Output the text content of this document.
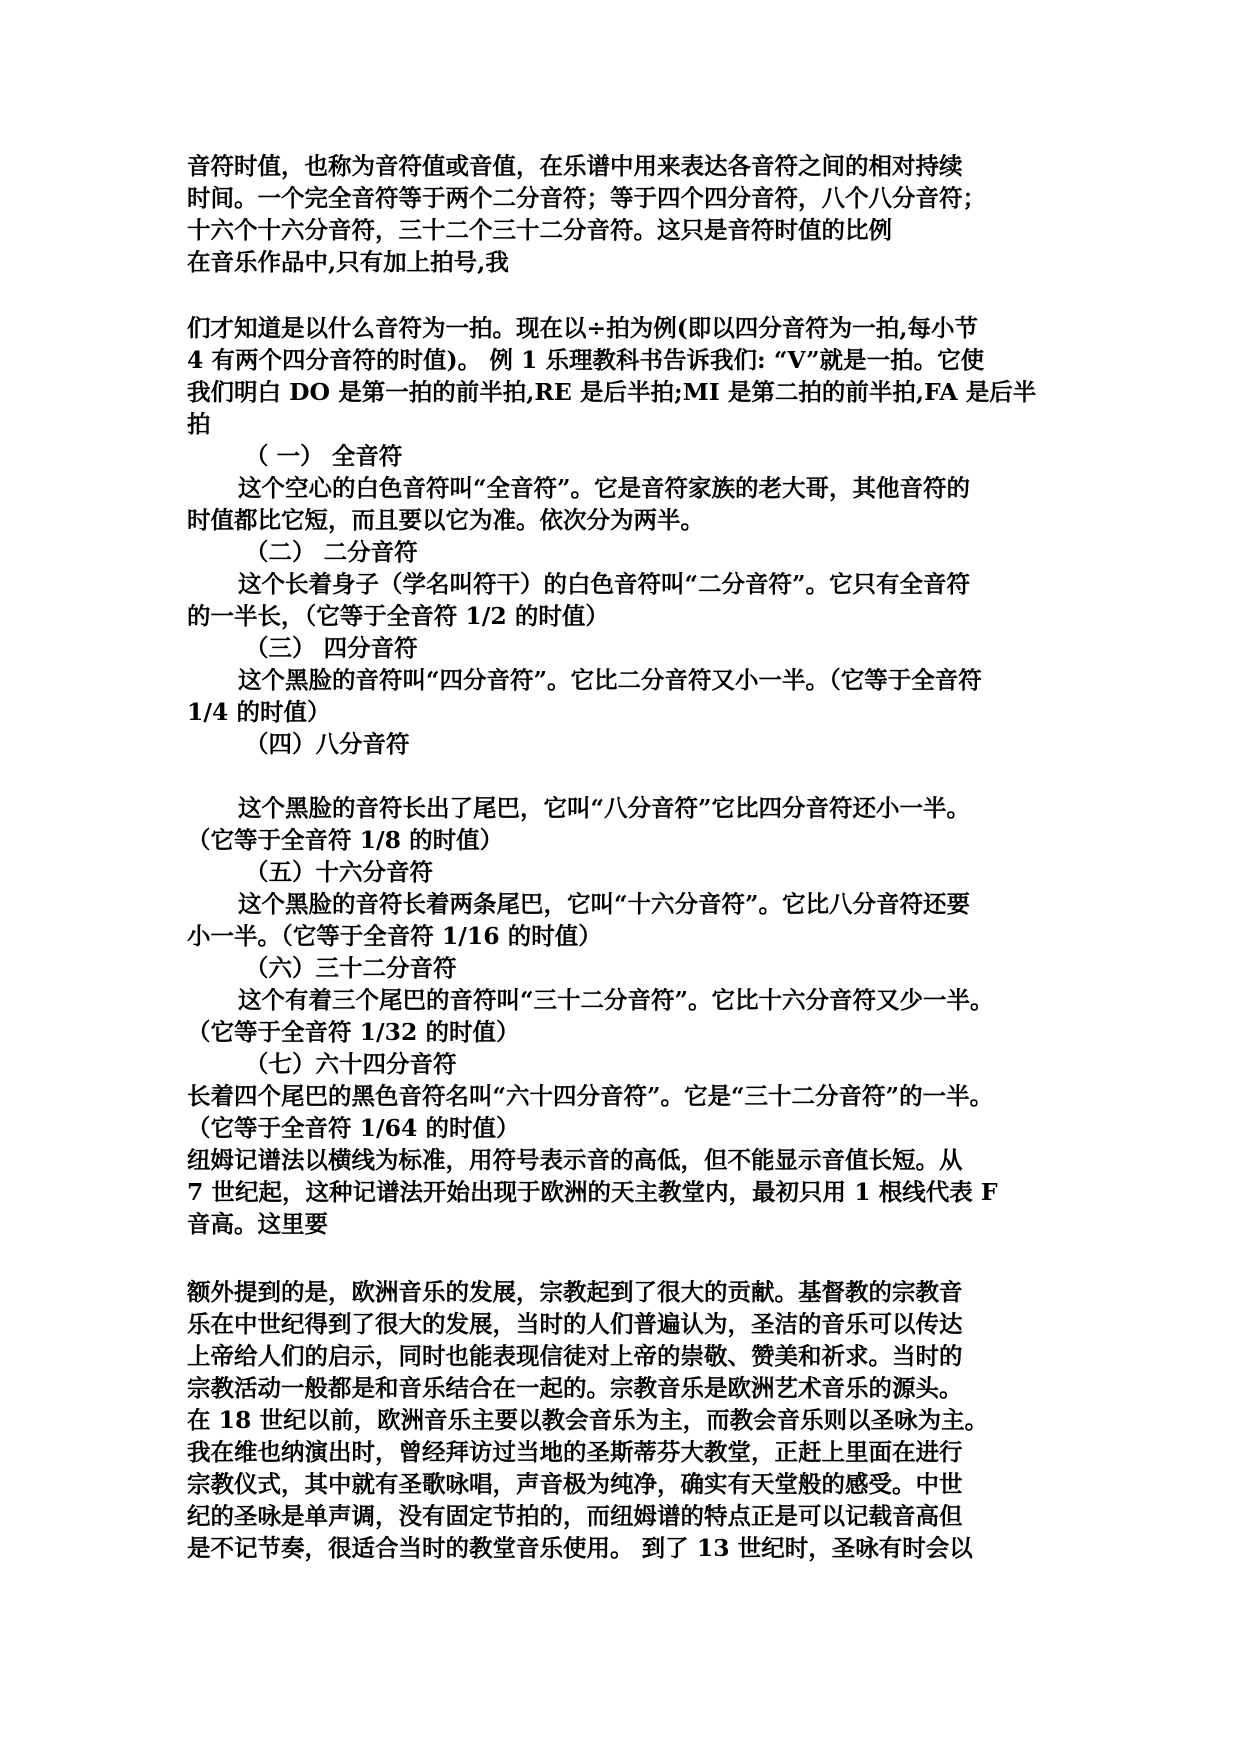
音符时值，也称为音符值或音值，在乐谱中用来表达各音符之间的相对持续
时间。一个完全音符等于两个二分音符；等于四个四分音符，八个八分音符；
十六个十六分音符，三十二个三十二分音符。这只是音符时值的比例
在音乐作品中,只有加上拍号,我
们才知道是以什么音符为一拍。现在以÷拍为例(即以四分音符为一拍,每小节
4 有两个四分音符的时值)。 例 1 乐理教科书告诉我们: “V”就是一拍。它使
我们明白 DO 是第一拍的前半拍,RE 是后半拍;MI 是第二拍的前半拍,FA 是后半
拍
（ 一） 全音符
这个空心的白色音符叫“全音符”。它是音符家族的老大哥，其他音符的
时值都比它短，而且要以它为准。依次分为两半。
（二） 二分音符
这个长着身子（学名叫符干）的白色音符叫“二分音符”。它只有全音符
的一半长，（它等于全音符 1/2 的时值）
（三） 四分音符
这个黑脸的音符叫“四分音符”。它比二分音符又小一半。（它等于全音符
1/4 的时值）
（四）八分音符
这个黑脸的音符长出了尾巴，它叫“八分音符”它比四分音符还小一半。
（它等于全音符 1/8 的时值）
（五）十六分音符
这个黑脸的音符长着两条尾巴，它叫“十六分音符”。它比八分音符还要
小一半。（它等于全音符 1/16 的时值）
（六）三十二分音符
这个有着三个尾巴的音符叫“三十二分音符”。它比十六分音符又少一半。
（它等于全音符 1/32 的时值）
（七）六十四分音符
长着四个尾巴的黑色音符名叫“六十四分音符”。它是“三十二分音符”的一半。
（它等于全音符 1/64 的时值）
纽姆记谱法以横线为标准，用符号表示音的高低，但不能显示音值长短。从
7 世纪起，这种记谱法开始出现于欧洲的天主教堂内，最初只用 1 根线代表 F
音高。这里要
额外提到的是，欧洲音乐的发展，宗教起到了很大的贡献。基督教的宗教音
乐在中世纪得到了很大的发展，当时的人们普遍认为，圣洁的音乐可以传达
上帝给人们的启示，同时也能表现信徒对上帝的崇敬、赞美和祈求。当时的
宗教活动一般都是和音乐结合在一起的。宗教音乐是欧洲艺术音乐的源头。
在 18 世纪以前，欧洲音乐主要以教会音乐为主，而教会音乐则以圣咏为主。
我在维也纳演出时，曾经拜访过当地的圣斯蒂芬大教堂，正赶上里面在进行
宗教仪式，其中就有圣歌咏唱，声音极为纯净，确实有天堂般的感受。中世
纪的圣咏是单声调，没有固定节拍的，而纽姆谱的特点正是可以记载音高但
是不记节奏，很适合当时的教堂音乐使用。 到了 13 世纪时，圣咏有时会以
